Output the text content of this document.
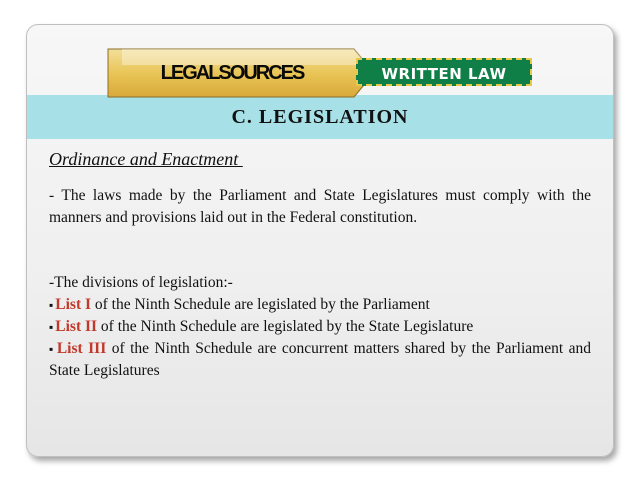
C. LEGISLATION
Ordinance and Enactment
- The laws made by the Parliament and State Legislatures must comply with the manners and provisions laid out in the Federal constitution.
-The divisions of legislation:-
▪ List I of the Ninth Schedule are legislated by the Parliament
▪ List II of the Ninth Schedule are legislated by the State Legislature
▪ List III of the Ninth Schedule are concurrent matters shared by the Parliament and State Legislatures
LEGALSOURCES	WRITTEN LAW
